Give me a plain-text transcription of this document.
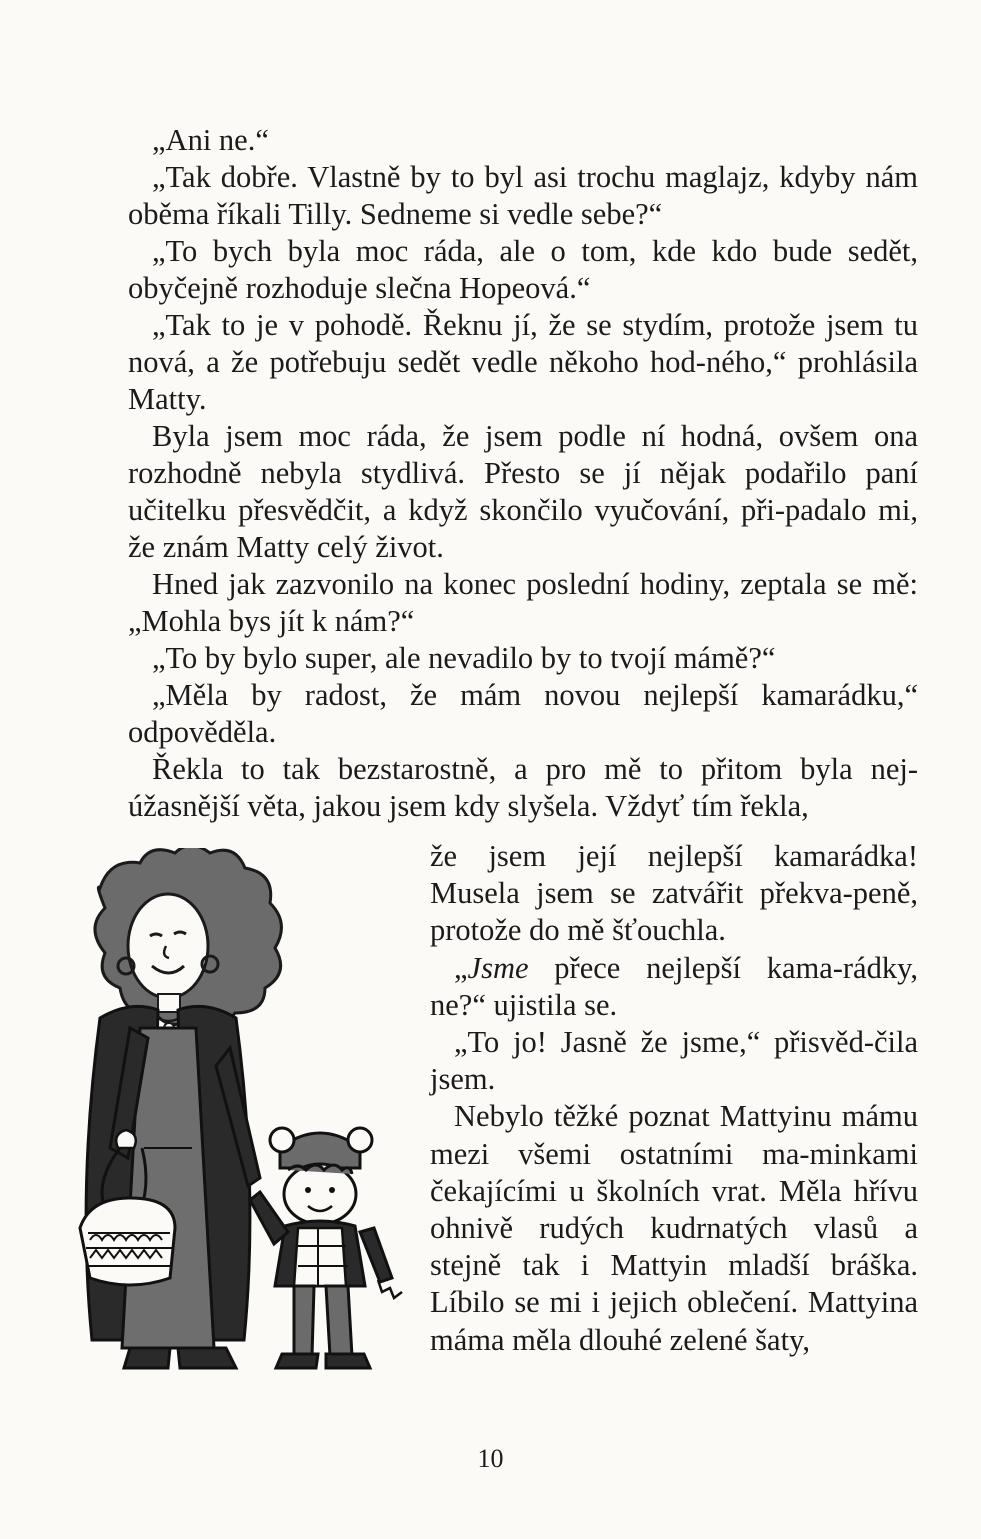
„Ani ne.“

„Tak dobře. Vlastně by to byl asi trochu maglajz, kdyby nám oběma říkali Tilly. Sedneme si vedle sebe?“

„To bych byla moc ráda, ale o tom, kde kdo bude sedět, obyčejně rozhoduje slečna Hopeová.“

„Tak to je v pohodě. Řeknu jí, že se stydím, protože jsem tu nová, a že potřebuju sedět vedle někoho hod-ného,“ prohlásila Matty.

Byla jsem moc ráda, že jsem podle ní hodná, ovšem ona rozhodně nebyla stydlivá. Přesto se jí nějak podařilo paní učitelku přesvědčit, a když skončilo vyučování, při-padalo mi, že znám Matty celý život.

Hned jak zazvonilo na konec poslední hodiny, zeptala se mě: „Mohla bys jít k nám?“

„To by bylo super, ale nevadilo by to tvojí mámě?“

„Měla by radost, že mám novou nejlepší kamarádku,“ odpověděla.

Řekla to tak bezstarostně, a pro mě to přitom byla nej-úžasnější věta, jakou jsem kdy slyšela. Vždyť tím řekla,

že jsem její nejlepší kamarádka! Musela jsem se zatvářit překva-peně, protože do mě šťouchla.

„Jsme přece nejlepší kama-rádky, ne?“ ujistila se.

„To jo! Jasně že jsme,“ přisvěd-čila jsem.

Nebylo těžké poznat Mattyinu mámu mezi všemi ostatními ma-minkami čekajícími u školních vrat. Měla hřívu ohnivě rudých kudrnatých vlasů a stejně tak i Mattyin mladší bráška. Líbilo se mi i jejich oblečení. Mattyina máma měla dlouhé zelené šaty,

10
